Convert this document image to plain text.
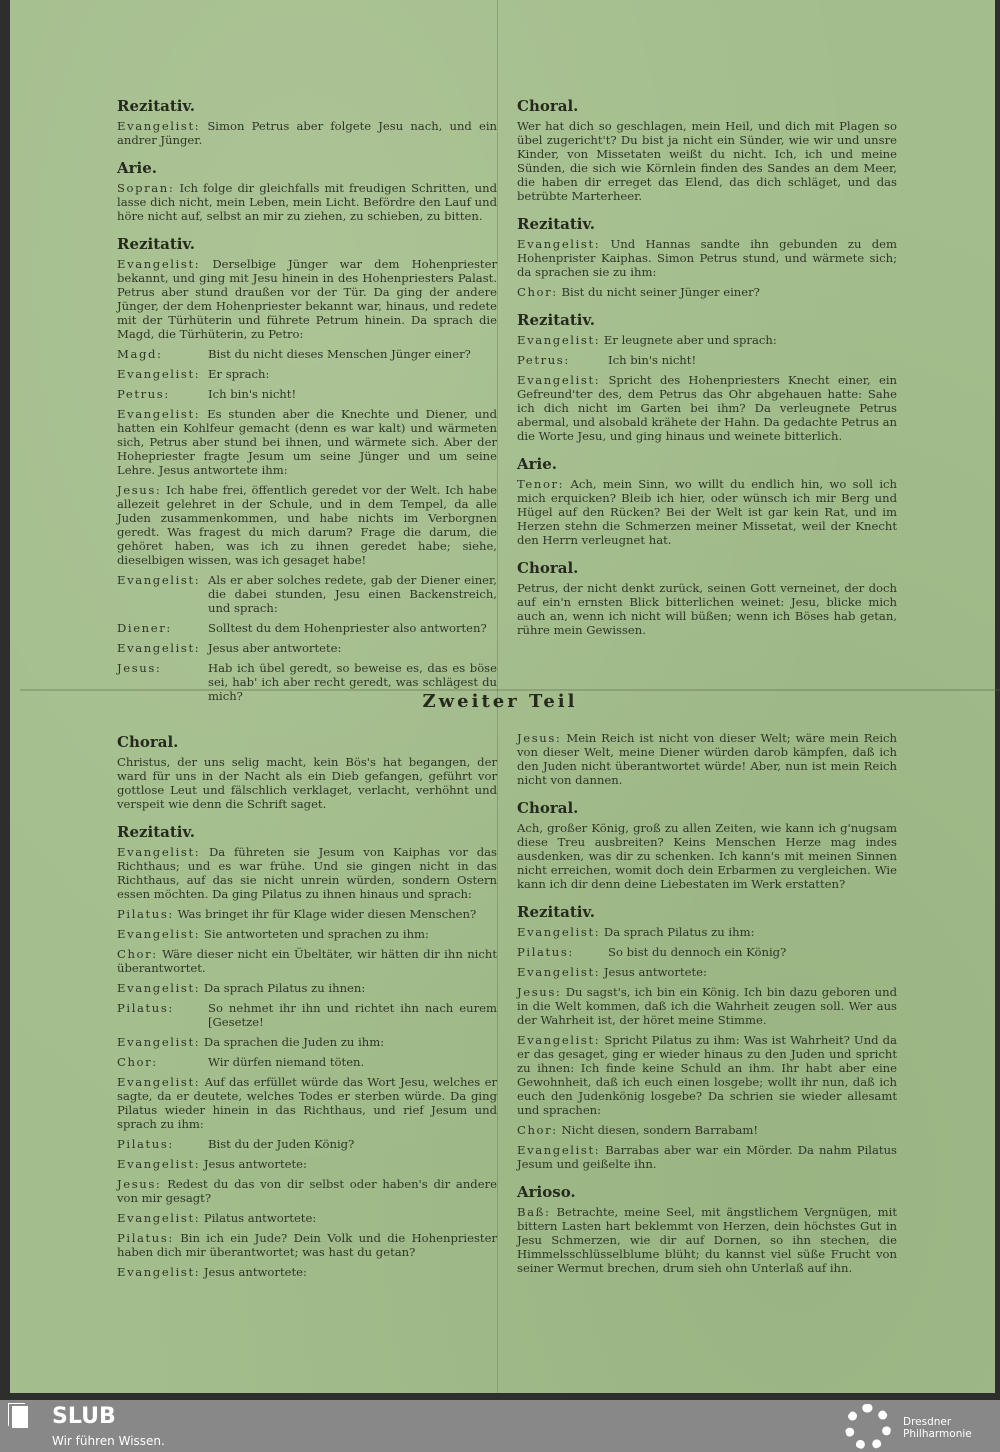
Rezitativ.
Evangelist: Simon Petrus aber folgete Jesu nach, und ein andrer Jünger.
Arie.
Sopran: Ich folge dir gleichfalls mit freudigen Schritten, und lasse dich nicht, mein Leben, mein Licht. Befördre den Lauf und höre nicht auf, selbst an mir zu ziehen, zu schieben, zu bitten.
Rezitativ.
Evangelist: Derselbige Jünger war dem Hohenpriester bekannt, und ging mit Jesu hinein in des Hohenpriesters Palast. Petrus aber stund draußen vor der Tür. Da ging der andere Jünger, der dem Hohenpriester bekannt war, hinaus, und redete mit der Türhüterin und führete Petrum hinein. Da sprach die Magd, die Türhüterin, zu Petro:
Magd:	Bist du nicht dieses Menschen Jünger einer?
Evangelist: Er sprach:
Petrus:	Ich bin's nicht!
Evangelist: Es stunden aber die Knechte und Diener, und hatten ein Kohlfeur gemacht (denn es war kalt) und wärmeten sich, Petrus aber stund bei ihnen, und wärmete sich. Aber der Hohepriester fragte Jesum um seine Jünger und um seine Lehre. Jesus antwortete ihm:
Jesus: Ich habe frei, öffentlich geredet vor der Welt. Ich habe allezeit gelehret in der Schule, und in dem Tempel, da alle Juden zusammenkommen, und habe nichts im Verborgnen geredt. Was fragest du mich darum? Frage die darum, die gehöret haben, was ich zu ihnen geredet habe; siehe, dieselbigen wissen, was ich gesaget habe!
Evangelist: Als er aber solches redete, gab der Diener einer, die dabei stunden, Jesu einen Backenstreich, und sprach:
Diener:	Solltest du dem Hohenpriester also antworten?
Evangelist: Jesus aber antwortete:
Jesus:	Hab ich übel geredt, so beweise es, das es böse sei, hab' ich aber recht geredt, was schlägest du mich?
Choral.
Wer hat dich so geschlagen, mein Heil, und dich mit Plagen so übel zugericht't? Du bist ja nicht ein Sünder, wie wir und unsre Kinder, von Missetaten weißt du nicht. Ich, ich und meine Sünden, die sich wie Körnlein finden des Sandes an dem Meer, die haben dir erreget das Elend, das dich schläget, und das betrübte Marterheer.
Rezitativ.
Evangelist: Und Hannas sandte ihn gebunden zu dem Hohenprister Kaiphas. Simon Petrus stund, und wärmete sich; da sprachen sie zu ihm:
Chor: Bist du nicht seiner Jünger einer?
Rezitativ.
Evangelist: Er leugnete aber und sprach:
Petrus:	Ich bin's nicht!
Evangelist: Spricht des Hohenpriesters Knecht einer, ein Gefreund'ter des, dem Petrus das Ohr abgehauen hatte: Sahe ich dich nicht im Garten bei ihm? Da verleugnete Petrus abermal, und alsobald krähete der Hahn. Da gedachte Petrus an die Worte Jesu, und ging hinaus und weinete bitterlich.
Arie.
Tenor: Ach, mein Sinn, wo willt du endlich hin, wo soll ich mich erquicken? Bleib ich hier, oder wünsch ich mir Berg und Hügel auf den Rücken? Bei der Welt ist gar kein Rat, und im Herzen stehn die Schmerzen meiner Missetat, weil der Knecht den Herrn verleugnet hat.
Choral.
Petrus, der nicht denkt zurück, seinen Gott verneinet, der doch auf ein'n ernsten Blick bitterlichen weinet: Jesu, blicke mich auch an, wenn ich nicht will büßen; wenn ich Böses hab getan, rühre mein Gewissen.
Zweiter Teil
Choral.
Christus, der uns selig macht, kein Bös's hat begangen, der ward für uns in der Nacht als ein Dieb gefangen, geführt vor gottlose Leut und fälschlich verklaget, verlacht, verhöhnt und verspeit wie denn die Schrift saget.
Rezitativ.
Evangelist: Da führeten sie Jesum von Kaiphas vor das Richthaus; und es war frühe. Und sie gingen nicht in das Richthaus, auf das sie nicht unrein würden, sondern Ostern essen möchten. Da ging Pilatus zu ihnen hinaus und sprach:
Pilatus: Was bringet ihr für Klage wider diesen Menschen?
Evangelist: Sie antworteten und sprachen zu ihm:
Chor: Wäre dieser nicht ein Übeltäter, wir hätten dir ihn nicht überantwortet.
Evangelist: Da sprach Pilatus zu ihnen:
Pilatus:	So nehmet ihr ihn und richtet ihn nach eurem [Gesetze!
Evangelist: Da sprachen die Juden zu ihm:
Chor:	Wir dürfen niemand töten.
Evangelist: Auf das erfüllet würde das Wort Jesu, welches er sagte, da er deutete, welches Todes er sterben würde. Da ging Pilatus wieder hinein in das Richthaus, und rief Jesum und sprach zu ihm:
Pilatus:	Bist du der Juden König?
Evangelist: Jesus antwortete:
Jesus: Redest du das von dir selbst oder haben's dir andere von mir gesagt?
Evangelist: Pilatus antwortete:
Pilatus: Bin ich ein Jude? Dein Volk und die Hohenpriester haben dich mir überantwortet; was hast du getan?
Evangelist: Jesus antwortete:
Jesus: Mein Reich ist nicht von dieser Welt; wäre mein Reich von dieser Welt, meine Diener würden darob kämpfen, daß ich den Juden nicht überantwortet würde! Aber, nun ist mein Reich nicht von dannen.
Choral.
Ach, großer König, groß zu allen Zeiten, wie kann ich g'nugsam diese Treu ausbreiten? Keins Menschen Herze mag indes ausdenken, was dir zu schenken. Ich kann's mit meinen Sinnen nicht erreichen, womit doch dein Erbarmen zu vergleichen. Wie kann ich dir denn deine Liebestaten im Werk erstatten?
Rezitativ.
Evangelist: Da sprach Pilatus zu ihm:
Pilatus:	So bist du dennoch ein König?
Evangelist: Jesus antwortete:
Jesus: Du sagst's, ich bin ein König. Ich bin dazu geboren und in die Welt kommen, daß ich die Wahrheit zeugen soll. Wer aus der Wahrheit ist, der höret meine Stimme.
Evangelist: Spricht Pilatus zu ihm: Was ist Wahrheit? Und da er das gesaget, ging er wieder hinaus zu den Juden und spricht zu ihnen: Ich finde keine Schuld an ihm. Ihr habt aber eine Gewohnheit, daß ich euch einen losgebe; wollt ihr nun, daß ich euch den Judenkönig losgebe? Da schrien sie wieder allesamt und sprachen:
Chor: Nicht diesen, sondern Barrabam!
Evangelist: Barrabas aber war ein Mörder. Da nahm Pilatus Jesum und geißelte ihn.
Arioso.
Baß: Betrachte, meine Seel, mit ängstlichem Vergnügen, mit bittern Lasten hart beklemmt von Herzen, dein höchstes Gut in Jesu Schmerzen, wie dir auf Dornen, so ihn stechen, die Himmelsschlüsselblume blüht; du kannst viel süße Frucht von seiner Wermut brechen, drum sieh ohn Unterlaß auf ihn.
SLUB
Wir führen Wissen.
Dresdner
Philharmonie
